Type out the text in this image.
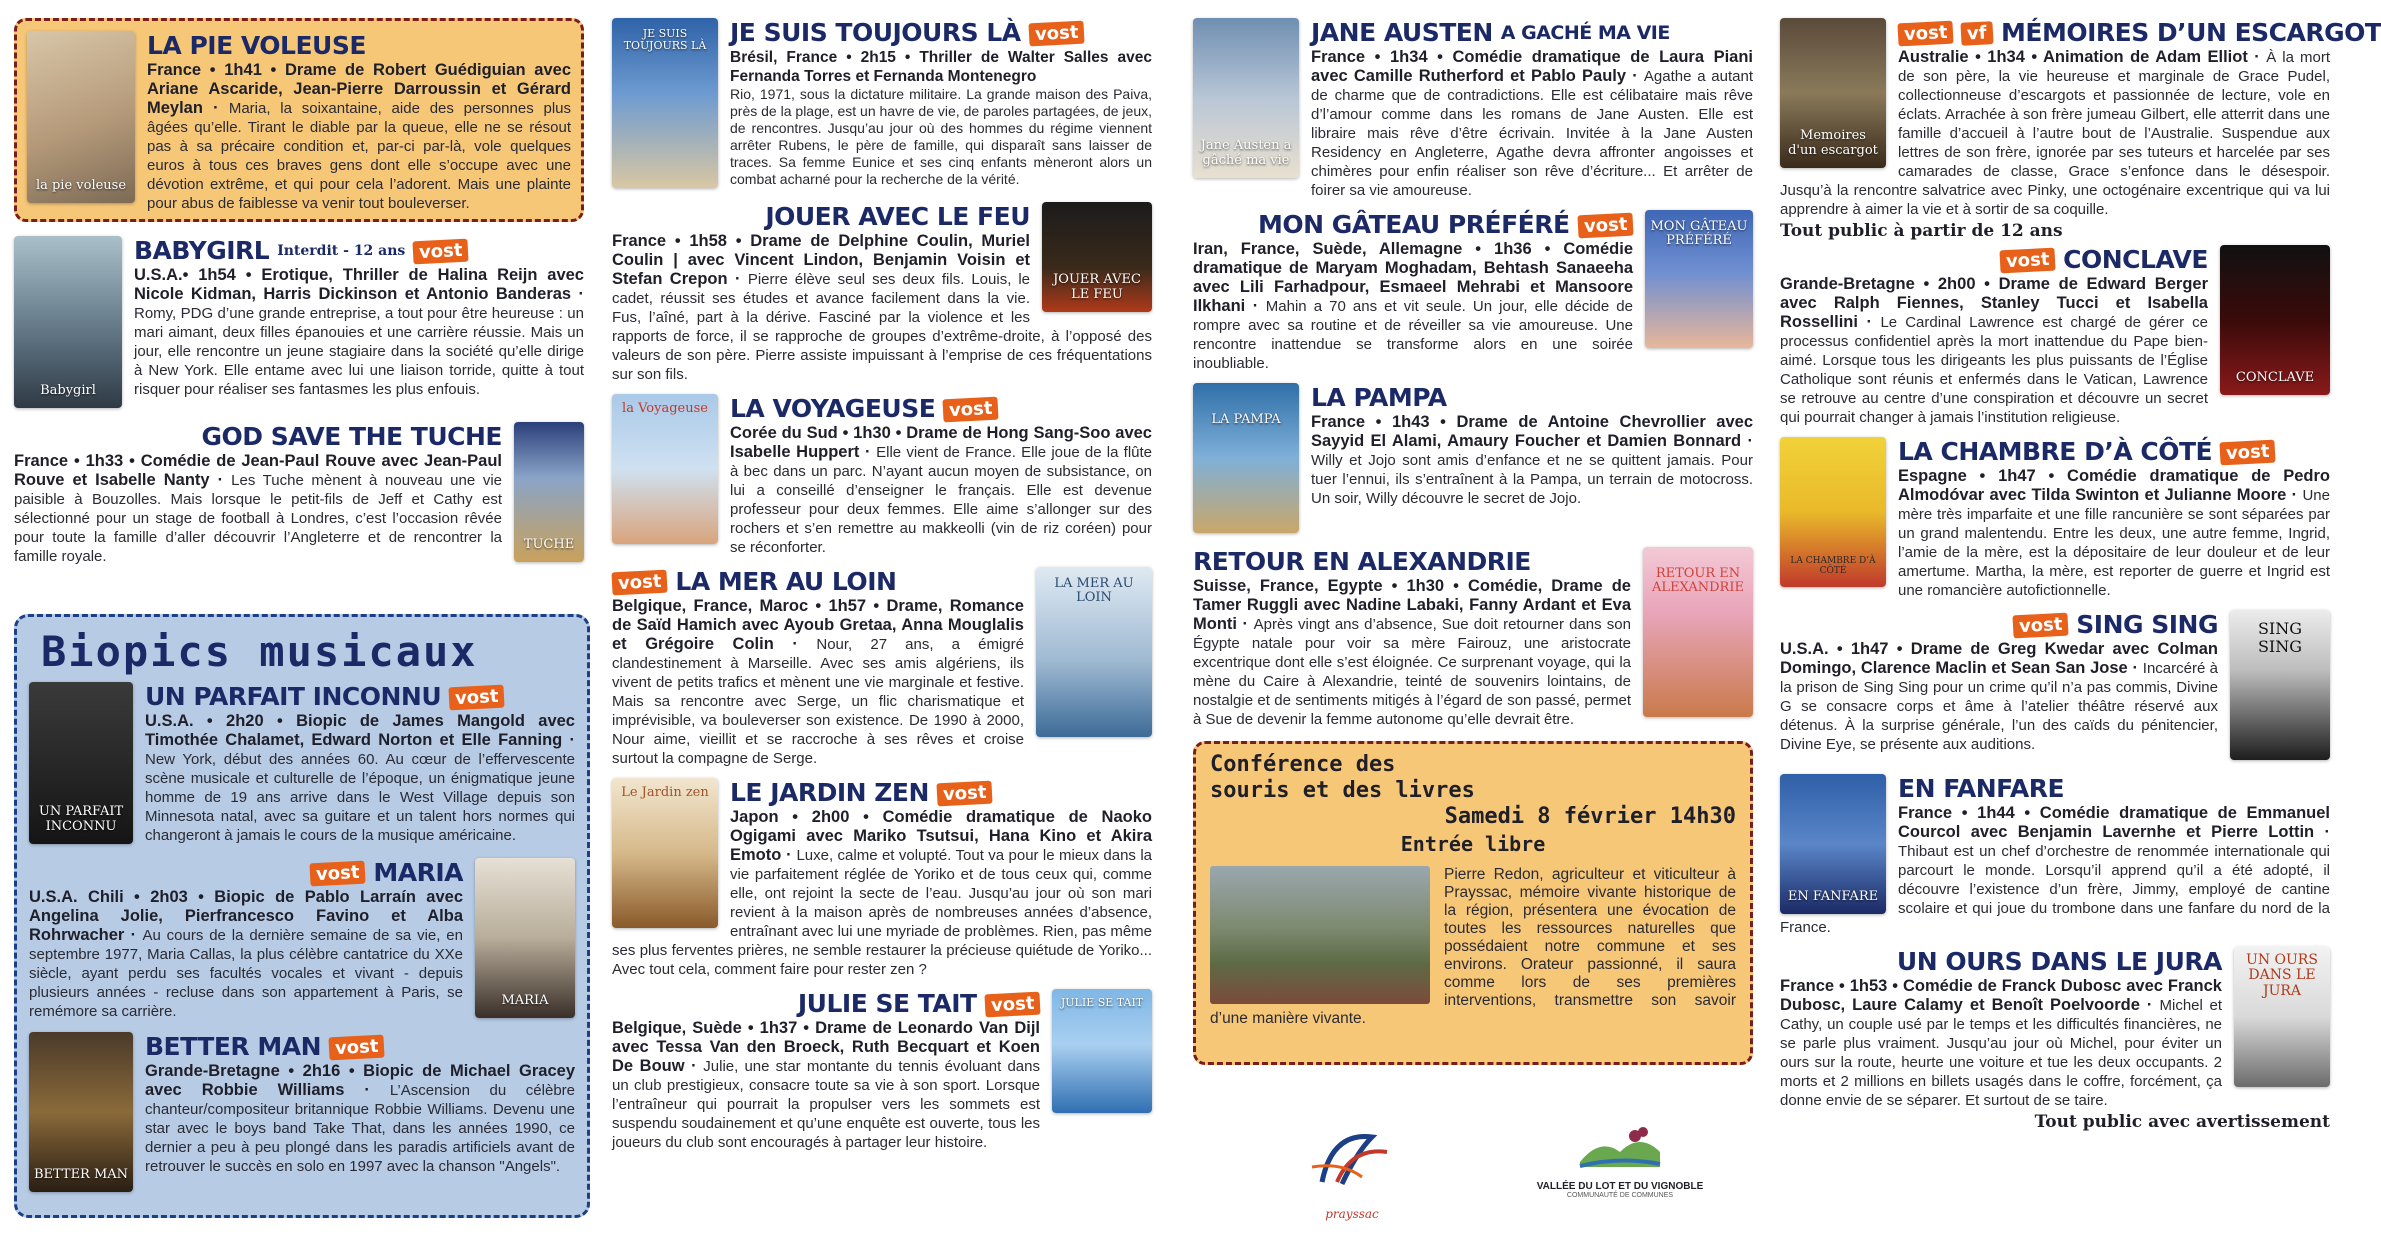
la pie voleuse
LA PIE VOLEUSE
France • 1h41 • Drame de Robert Guédiguian avec Ariane Ascaride, Jean-Pierre Darroussin et Gérard Meylan · Maria, la soixantaine, aide des personnes plus âgées qu’elle. Tirant le diable par la queue, elle ne se résout pas à sa précaire condition et, par-ci par-là, vole quelques euros à tous ces braves gens dont elle s’occupe avec une dévotion extrême, et qui pour cela l’adorent. Mais une plainte pour abus de faiblesse va venir tout bouleverser.
Babygirl
BABYGIRL Interdit - 12 ans vost
U.S.A.• 1h54 • Erotique, Thriller de Halina Reijn avec Nicole Kidman, Harris Dickinson et Antonio Banderas · Romy, PDG d’une grande entreprise, a tout pour être heureuse : un mari aimant, deux filles épanouies et une carrière réussie. Mais un jour, elle rencontre un jeune stagiaire dans la société qu’elle dirige à New York. Elle entame avec lui une liaison torride, quitte à tout risquer pour réaliser ses fantasmes les plus enfouis.
TUCHE
GOD SAVE THE TUCHE
France • 1h33 • Comédie de Jean-Paul Rouve avec Jean-Paul Rouve et Isabelle Nanty · Les Tuche mènent à nouveau une vie paisible à Bouzolles. Mais lorsque le petit-fils de Jeff et Cathy est sélectionné pour un stage de football à Londres, c’est l’occasion rêvée pour toute la famille d’aller découvrir l’Angleterre et de rencontrer la famille royale.
Biopics musicaux
UN PARFAIT INCONNU
UN PARFAIT INCONNU vost
U.S.A. • 2h20 • Biopic de James Mangold avec Timothée Chalamet, Edward Norton et Elle Fanning · New York, début des années 60. Au cœur de l’effervescente scène musicale et culturelle de l’époque, un énigmatique jeune homme de 19 ans arrive dans le West Village depuis son Minnesota natal, avec sa guitare et un talent hors normes qui changeront à jamais le cours de la musique américaine.
MARIA
vost MARIA
U.S.A. Chili • 2h03 • Biopic de Pablo Larraín avec Angelina Jolie, Pierfrancesco Favino et Alba Rohrwacher · Au cours de la dernière semaine de sa vie, en septembre 1977, Maria Callas, la plus célèbre cantatrice du XXe siècle, ayant perdu ses facultés vocales et vivant - depuis plusieurs années - recluse dans son appartement à Paris, se remémore sa carrière.
BETTER MAN
BETTER MAN vost
Grande-Bretagne • 2h16 • Biopic de Michael Gracey avec Robbie Williams · L’Ascension du célèbre chanteur/compositeur britannique Robbie Williams. Devenu une star avec le boys band Take That, dans les années 1990, ce dernier a peu à peu plongé dans les paradis artificiels avant de retrouver le succès en solo en 1997 avec la chanson "Angels".
JE SUIS TOUJOURS LÀ JE SUIS TOUJOURS LÀ vost
Brésil, France • 2h15 • Thriller de Walter Salles avec Fernanda Torres et Fernanda Montenegro
Rio, 1971, sous la dictature militaire. La grande maison des Paiva, près de la plage, est un havre de vie, de paroles partagées, de jeux, de rencontres. Jusqu’au jour où des hommes du régime viennent arrêter Rubens, le père de famille, qui disparaît sans laisser de traces. Sa femme Eunice et ses cinq enfants mèneront alors un combat acharné pour la recherche de la vérité.
JOUER AVEC LE FEU
JOUER AVEC LE FEU
France • 1h58 • Drame de Delphine Coulin, Muriel Coulin | avec Vincent Lindon, Benjamin Voisin et Stefan Crepon · Pierre élève seul ses deux fils. Louis, le cadet, réussit ses études et avance facilement dans la vie. Fus, l’aîné, part à la dérive. Fasciné par la violence et les rapports de force, il se rapproche de groupes d’extrême-droite, à l’opposé des valeurs de son père. Pierre assiste impuissant à l’emprise de ces fréquentations sur son fils.
la Voyageuse LA VOYAGEUSE vost
Corée du Sud • 1h30 • Drame de Hong Sang-Soo avec Isabelle Huppert · Elle vient de France. Elle joue de la flûte à bec dans un parc. N’ayant aucun moyen de subsistance, on lui a conseillé d’enseigner le français. Elle est devenue professeur pour deux femmes. Elle aime s’allonger sur des rochers et s’en remettre au makkeolli (vin de riz coréen) pour se réconforter.
LA MER AU LOIN
vost LA MER AU LOIN
Belgique, France, Maroc • 1h57 • Drame, Romance de Saïd Hamich avec Ayoub Gretaa, Anna Mouglalis et Grégoire Colin · Nour, 27 ans, a émigré clandestinement à Marseille. Avec ses amis algériens, ils vivent de petits trafics et mènent une vie marginale et festive. Mais sa rencontre avec Serge, un flic charismatique et imprévisible, va bouleverser son existence. De 1990 à 2000, Nour aime, vieillit et se raccroche à ses rêves et croise surtout la compagne de Serge.
Le Jardin zen LE JARDIN ZEN vost
Japon • 2h00 • Comédie dramatique de Naoko Ogigami avec Mariko Tsutsui, Hana Kino et Akira Emoto · Luxe, calme et volupté. Tout va pour le mieux dans la vie parfaitement réglée de Yoriko et de tous ceux qui, comme elle, ont rejoint la secte de l’eau. Jusqu’au jour où son mari revient à la maison après de nombreuses années d’absence, entraînant avec lui une myriade de problèmes. Rien, pas même ses plus ferventes prières, ne semble restaurer la précieuse quiétude de Yoriko... Avec tout cela, comment faire pour rester zen ?
JULIE SE TAIT
JULIE SE TAIT vost
Belgique, Suède • 1h37 • Drame de Leonardo Van Dijl avec Tessa Van den Broeck, Ruth Becquart et Koen De Bouw · Julie, une star montante du tennis évoluant dans un club prestigieux, consacre toute sa vie à son sport. Lorsque l’entraîneur qui pourrait la propulser vers les sommets est suspendu soudainement et qu’une enquête est ouverte, tous les joueurs du club sont encouragés à partager leur histoire.
Jane Austen a gâché ma vie
JANE AUSTEN A GACHÉ MA VIE
France • 1h34 • Comédie dramatique de Laura Piani avec Camille Rutherford et Pablo Pauly · Agathe a autant de charme que de contradictions. Elle est célibataire mais rêve d’l’amour comme dans les romans de Jane Austen. Elle est libraire mais rêve d’être écrivain. Invitée à la Jane Austen Residency en Angleterre, Agathe devra affronter angoisses et chimères pour enfin réaliser son rêve d’écriture... Et arrêter de foirer sa vie amoureuse.
MON GÂTEAU PRÉFÉRÉ
MON GÂTEAU PRÉFÉRÉ vost
Iran, France, Suède, Allemagne • 1h36 • Comédie dramatique de Maryam Moghadam, Behtash Sanaeeha avec Lili Farhadpour, Esmaeel Mehrabi et Mansoore Ilkhani · Mahin a 70 ans et vit seule. Un jour, elle décide de rompre avec sa routine et de réveiller sa vie amoureuse. Une rencontre inattendue se transforme alors en une soirée inoubliable.
LA PAMPA
LA PAMPA
France • 1h43 • Drame de Antoine Chevrollier avec Sayyid El Alami, Amaury Foucher et Damien Bonnard · Willy et Jojo sont amis d’enfance et ne se quittent jamais. Pour tuer l’ennui, ils s’entraînent à la Pampa, un terrain de motocross. Un soir, Willy découvre le secret de Jojo.
RETOUR EN ALEXANDRIE
RETOUR EN ALEXANDRIE
Suisse, France, Egypte • 1h30 • Comédie, Drame de Tamer Ruggli avec Nadine Labaki, Fanny Ardant et Eva Monti · Après vingt ans d’absence, Sue doit retourner dans son Égypte natale pour voir sa mère Fairouz, une aristocrate excentrique dont elle s’est éloignée. Ce surprenant voyage, qui la mène du Caire à Alexandrie, teinté de souvenirs lointains, de nostalgie et de sentiments mitigés à l’égard de son passé, permet à Sue de devenir la femme autonome qu’elle devrait être.
Conférence des
souris et des livres
Samedi 8 février 14h30
Entrée libre
Pierre Redon, agriculteur et viticulteur à Prayssac, mémoire vivante historique de la région, présentera une évocation de toutes les ressources naturelles que possédaient notre commune et ses environs. Orateur passionné, il saura comme lors de ses premières interventions, transmettre son savoir d’une manière vivante.
prayssac
VALLÉE DU LOT ET DU VIGNOBLE
COMMUNAUTÉ DE COMMUNES
Memoires d'un escargot
vost	vf MÉMOIRES D’UN ESCARGOT
Australie • 1h34 • Animation de Adam Elliot · À la mort de son père, la vie heureuse et marginale de Grace Pudel, collectionneuse d’escargots et passionnée de lecture, vole en éclats. Arrachée à son frère jumeau Gilbert, elle atterrit dans une famille d’accueil à l’autre bout de l’Australie. Suspendue aux lettres de son frère, ignorée par ses tuteurs et harcelée par ses camarades de classe, Grace s’enfonce dans le désespoir. Jusqu’à la rencontre salvatrice avec Pinky, une octogénaire excentrique qui va lui apprendre à aimer la vie et à sortir de sa coquille.
Tout public à partir de 12 ans
CONCLAVE
vost CONCLAVE
Grande-Bretagne • 2h00 • Drame de Edward Berger avec Ralph Fiennes, Stanley Tucci et Isabella Rossellini · Le Cardinal Lawrence est chargé de gérer ce processus confidentiel après la mort inattendue du Pape bien-aimé. Lorsque tous les dirigeants les plus puissants de l’Église Catholique sont réunis et enfermés dans le Vatican, Lawrence se retrouve au centre d’une conspiration et découvre un secret qui pourrait changer à jamais l’institution religieuse.
LA CHAMBRE D’À CÔTÉ
LA CHAMBRE D’À CÔTÉ vost
Espagne • 1h47 • Comédie dramatique de Pedro Almodóvar avec Tilda Swinton et Julianne Moore · Une mère très imparfaite et une fille rancunière se sont séparées par un grand malentendu. Entre les deux, une autre femme, Ingrid, l’amie de la mère, est la dépositaire de leur douleur et de leur amertume. Martha, la mère, est reporter de guerre et Ingrid est une romancière autofictionnelle.
SING SING
vost SING SING
U.S.A. • 1h47 • Drame de Greg Kwedar avec Colman Domingo, Clarence Maclin et Sean San Jose · Incarcéré à la prison de Sing Sing pour un crime qu’il n’a pas commis, Divine G se consacre corps et âme à l’atelier théâtre réservé aux détenus. À la surprise générale, l’un des caïds du pénitencier, Divine Eye, se présente aux auditions.
EN FANFARE
EN FANFARE
France • 1h44 • Comédie dramatique de Emmanuel Courcol avec Benjamin Lavernhe et Pierre Lottin · Thibaut est un chef d’orchestre de renommée internationale qui parcourt le monde. Lorsqu’il apprend qu’il a été adopté, il découvre l’existence d’un frère, Jimmy, employé de cantine scolaire et qui joue du trombone dans une fanfare du nord de la France.
UN OURS DANS LE JURA
UN OURS DANS LE JURA
France • 1h53 • Comédie de Franck Dubosc avec Franck Dubosc, Laure Calamy et Benoît Poelvoorde · Michel et Cathy, un couple usé par le temps et les difficultés financières, ne se parle plus vraiment. Jusqu’au jour où Michel, pour éviter un ours sur la route, heurte une voiture et tue les deux occupants. 2 morts et 2 millions en billets usagés dans le coffre, forcément, ça donne envie de se séparer. Et surtout de se taire.
Tout public avec avertissement
